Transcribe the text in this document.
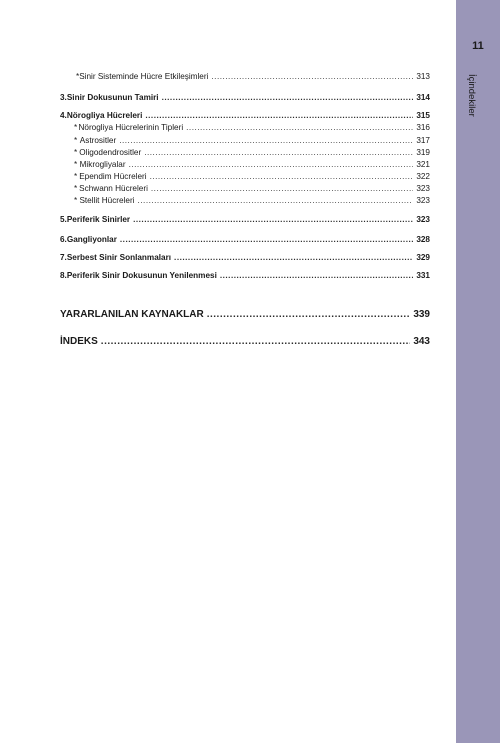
11
İçindekiler
* Sinir Sisteminde Hücre Etkileşimleri .....	313
3. Sinir Dokusunun Tamiri .....	314
4. Nörogliya Hücreleri .....	315
* Nörogliya Hücrelerinin Tipleri .....	316
* Astrositler .....	317
* Oligodendrositler .....	319
* Mikrogliyalar .....	321
* Ependim Hücreleri .....	322
* Schwann Hücreleri .....	323
* Stellit Hücreleri .....	323
5. Periferik Sinirler .....	323
6. Gangliyonlar .....	328
7. Serbest Sinir Sonlanmaları .....	329
8. Periferik Sinir Dokusunun Yenilenmesi .....	331
YARARLANILAN KAYNAKLAR .....	339
İNDEKS .....	343
